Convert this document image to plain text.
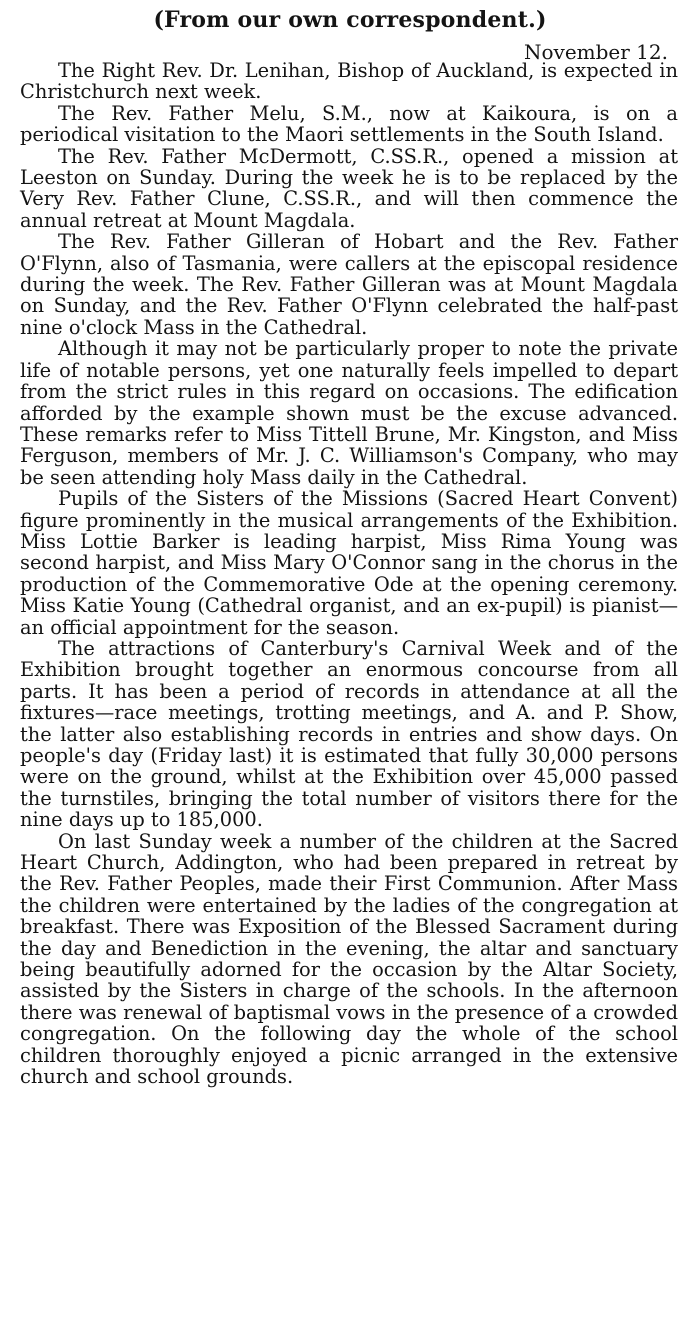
(From our own correspondent.)
November 12.

The Right Rev. Dr. Lenihan, Bishop of Auckland, is expected in Christchurch next week.

The Rev. Father Melu, S.M., now at Kaikoura, is on a periodical visitation to the Maori settlements in the South Island.

The Rev. Father McDermott, C.SS.R., opened a mission at Leeston on Sunday. During the week he is to be replaced by the Very Rev. Father Clune, C.SS.R., and will then commence the annual retreat at Mount Magdala.

The Rev. Father Gilleran of Hobart and the Rev. Father O'Flynn, also of Tasmania, were callers at the episcopal residence during the week. The Rev. Father Gilleran was at Mount Magdala on Sunday, and the Rev. Father O'Flynn celebrated the half-past nine o'clock Mass in the Cathedral.

Although it may not be particularly proper to note the private life of notable persons, yet one naturally feels impelled to depart from the strict rules in this regard on occasions. The edification afforded by the example shown must be the excuse advanced. These remarks refer to Miss Tittell Brune, Mr. Kingston, and Miss Ferguson, members of Mr. J. C. Williamson's Company, who may be seen attending holy Mass daily in the Cathedral.

Pupils of the Sisters of the Missions (Sacred Heart Convent) figure prominently in the musical arrangements of the Exhibition. Miss Lottie Barker is leading harpist, Miss Rima Young was second harpist, and Miss Mary O'Connor sang in the chorus in the production of the Commemorative Ode at the opening ceremony. Miss Katie Young (Cathedral organist, and an ex-pupil) is pianist—an official appointment for the season.

The attractions of Canterbury's Carnival Week and of the Exhibition brought together an enormous concourse from all parts. It has been a period of records in attendance at all the fixtures—race meetings, trotting meetings, and A. and P. Show, the latter also establishing records in entries and show days. On people's day (Friday last) it is estimated that fully 30,000 persons were on the ground, whilst at the Exhibition over 45,000 passed the turnstiles, bringing the total number of visitors there for the nine days up to 185,000.

On last Sunday week a number of the children at the Sacred Heart Church, Addington, who had been prepared in retreat by the Rev. Father Peoples, made their First Communion. After Mass the children were entertained by the ladies of the congregation at breakfast. There was Exposition of the Blessed Sacrament during the day and Benediction in the evening, the altar and sanctuary being beautifully adorned for the occasion by the Altar Society, assisted by the Sisters in charge of the schools. In the afternoon there was renewal of baptismal vows in the presence of a crowded congregation. On the following day the whole of the school children thoroughly enjoyed a picnic arranged in the extensive church and school grounds.
